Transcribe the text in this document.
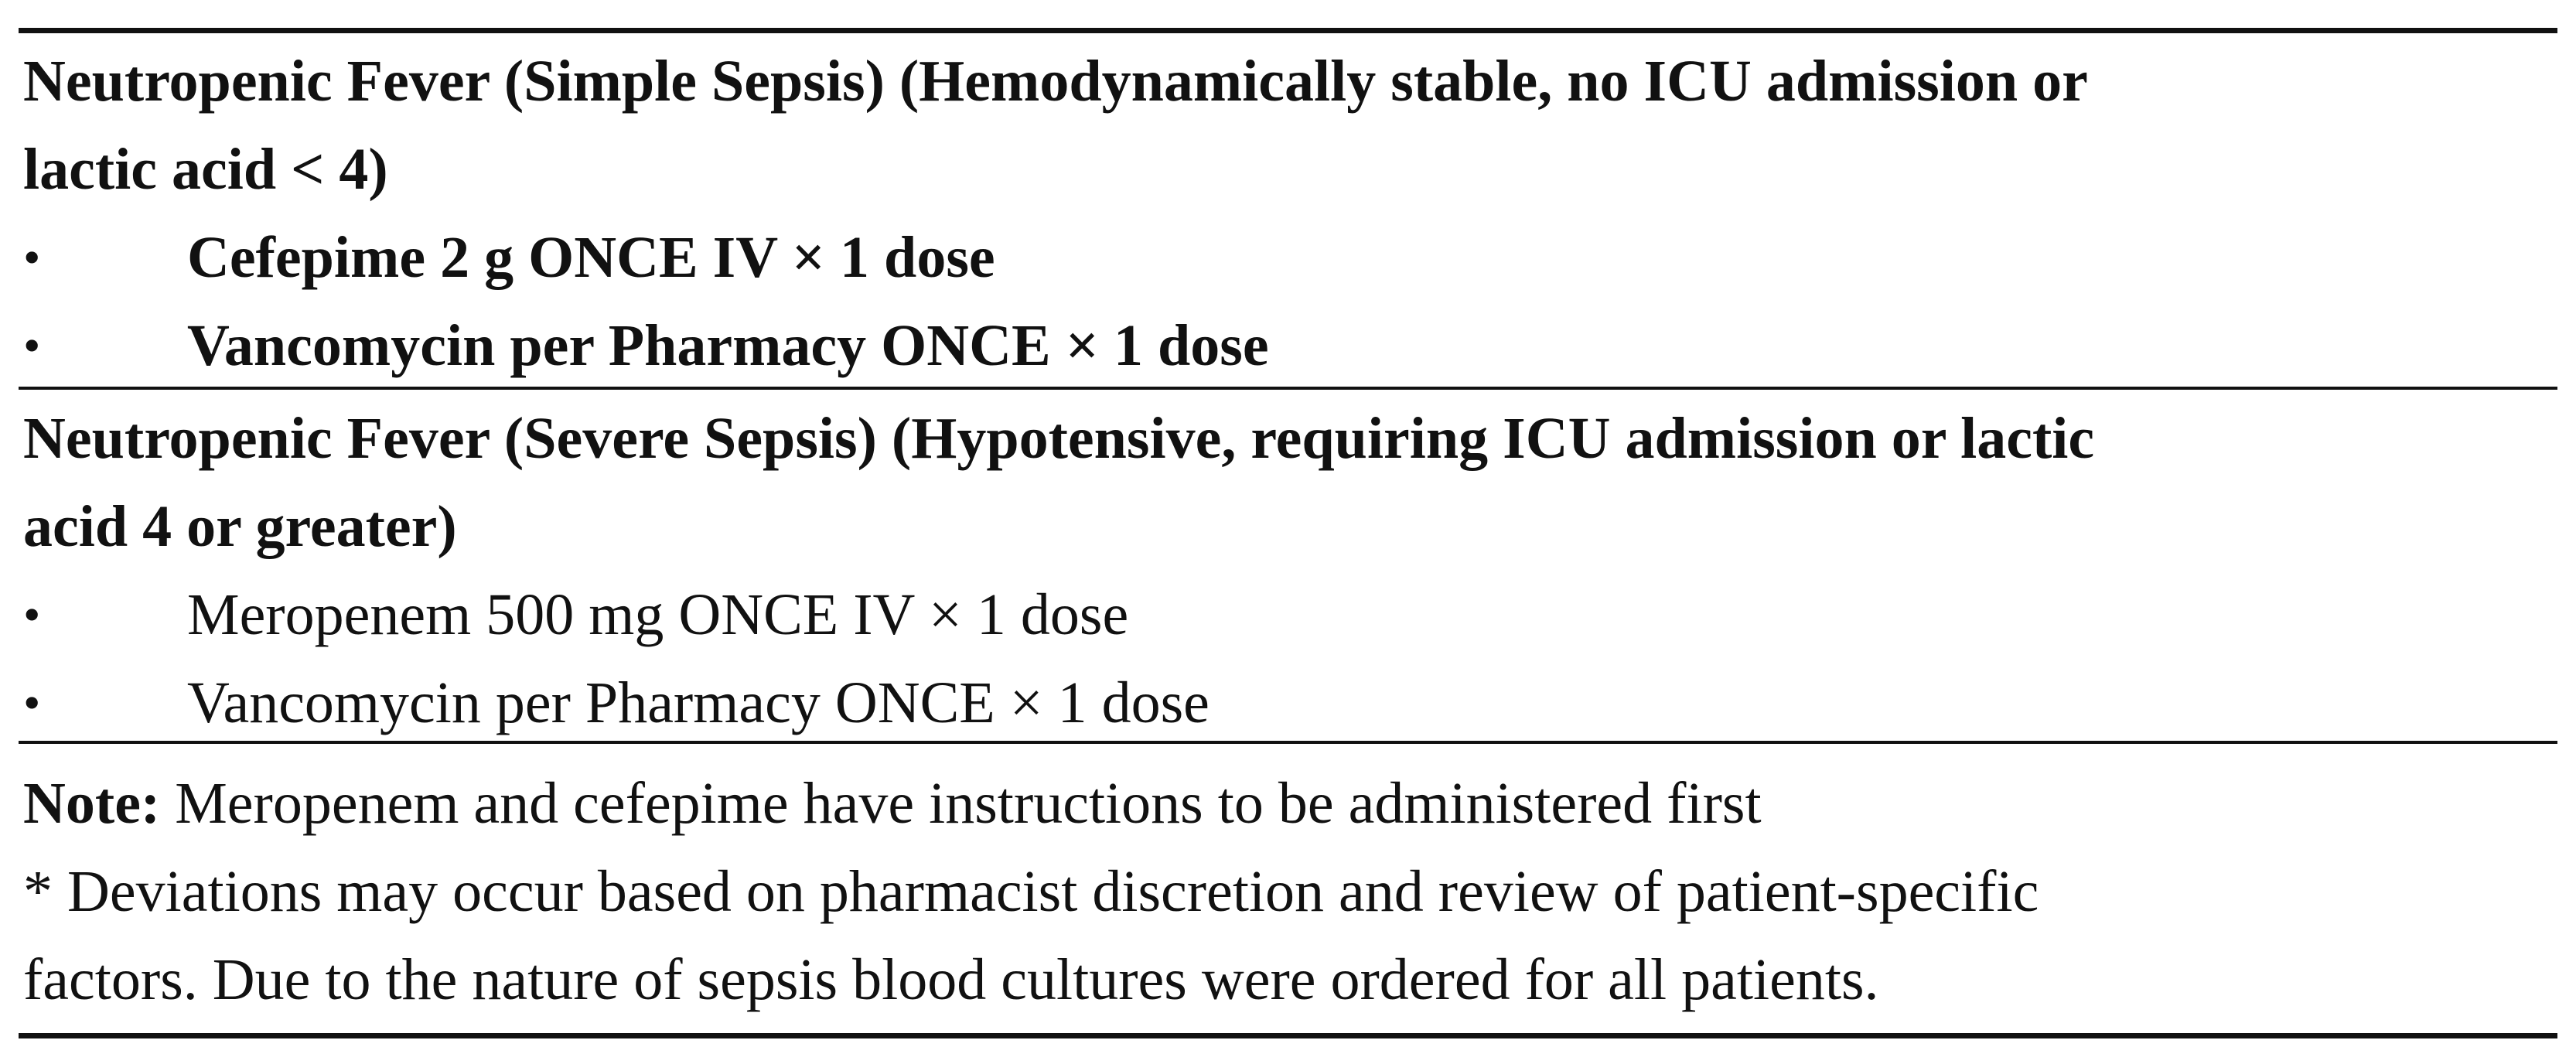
Neutropenic Fever (Simple Sepsis) (Hemodynamically stable, no ICU admission or
lactic acid < 4)
• Cefepime 2 g ONCE IV × 1 dose
• Vancomycin per Pharmacy ONCE × 1 dose
Neutropenic Fever (Severe Sepsis) (Hypotensive, requiring ICU admission or lactic
acid 4 or greater)
• Meropenem 500 mg ONCE IV × 1 dose
• Vancomycin per Pharmacy ONCE × 1 dose
Note: Meropenem and cefepime have instructions to be administered first
* Deviations may occur based on pharmacist discretion and review of patient-specific
factors. Due to the nature of sepsis blood cultures were ordered for all patients.
